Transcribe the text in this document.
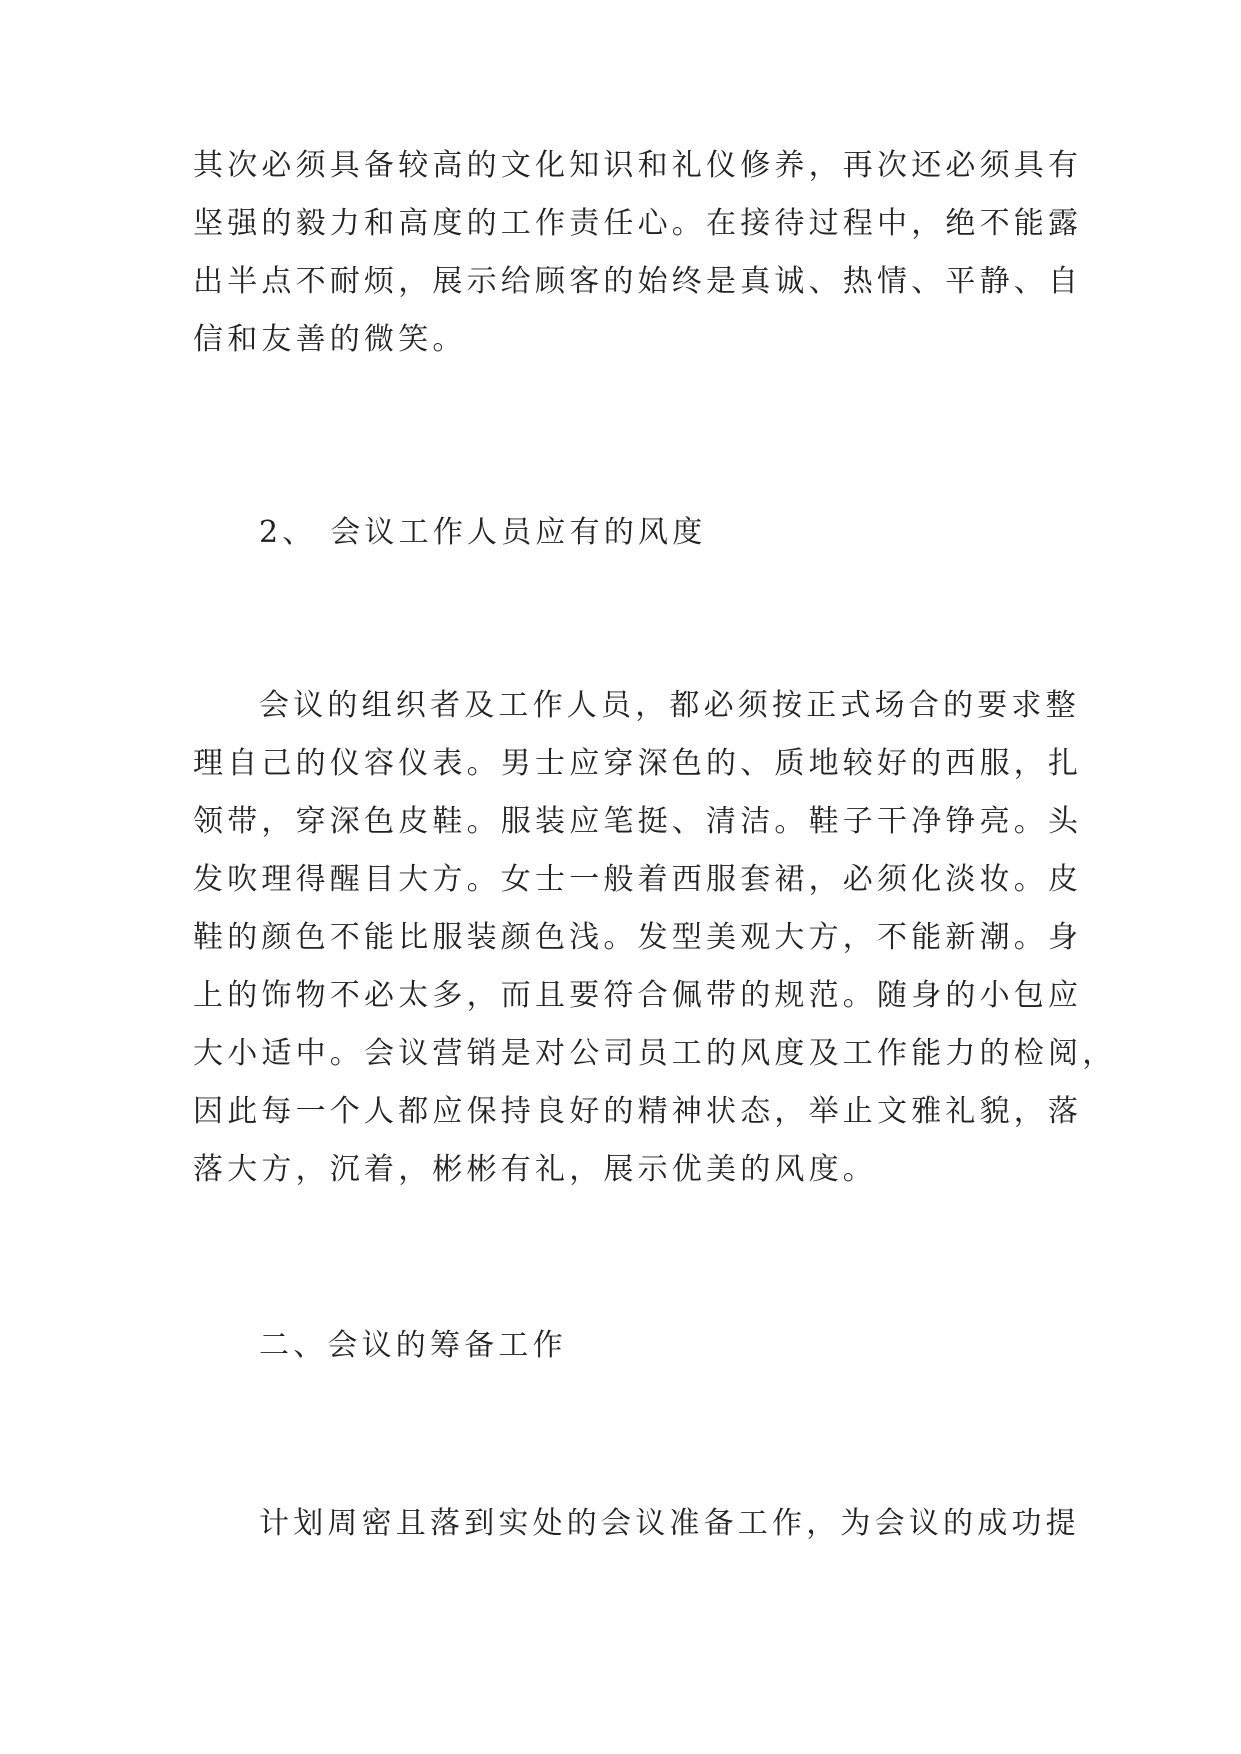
其次必须具备较高的文化知识和礼仪修养，再次还必须具有
坚强的毅力和高度的工作责任心。在接待过程中，绝不能露
出半点不耐烦，展示给顾客的始终是真诚、热情、平静、自
信和友善的微笑。
2、 会议工作人员应有的风度
会议的组织者及工作人员，都必须按正式场合的要求整
理自己的仪容仪表。男士应穿深色的、质地较好的西服，扎
领带，穿深色皮鞋。服装应笔挺、清洁。鞋子干净铮亮。头
发吹理得醒目大方。女士一般着西服套裙，必须化淡妆。皮
鞋的颜色不能比服装颜色浅。发型美观大方，不能新潮。身
上的饰物不必太多，而且要符合佩带的规范。随身的小包应
大小适中。会议营销是对公司员工的风度及工作能力的检阅，
因此每一个人都应保持良好的精神状态，举止文雅礼貌，落
落大方，沉着，彬彬有礼，展示优美的风度。
二、会议的筹备工作
计划周密且落到实处的会议准备工作，为会议的成功提
